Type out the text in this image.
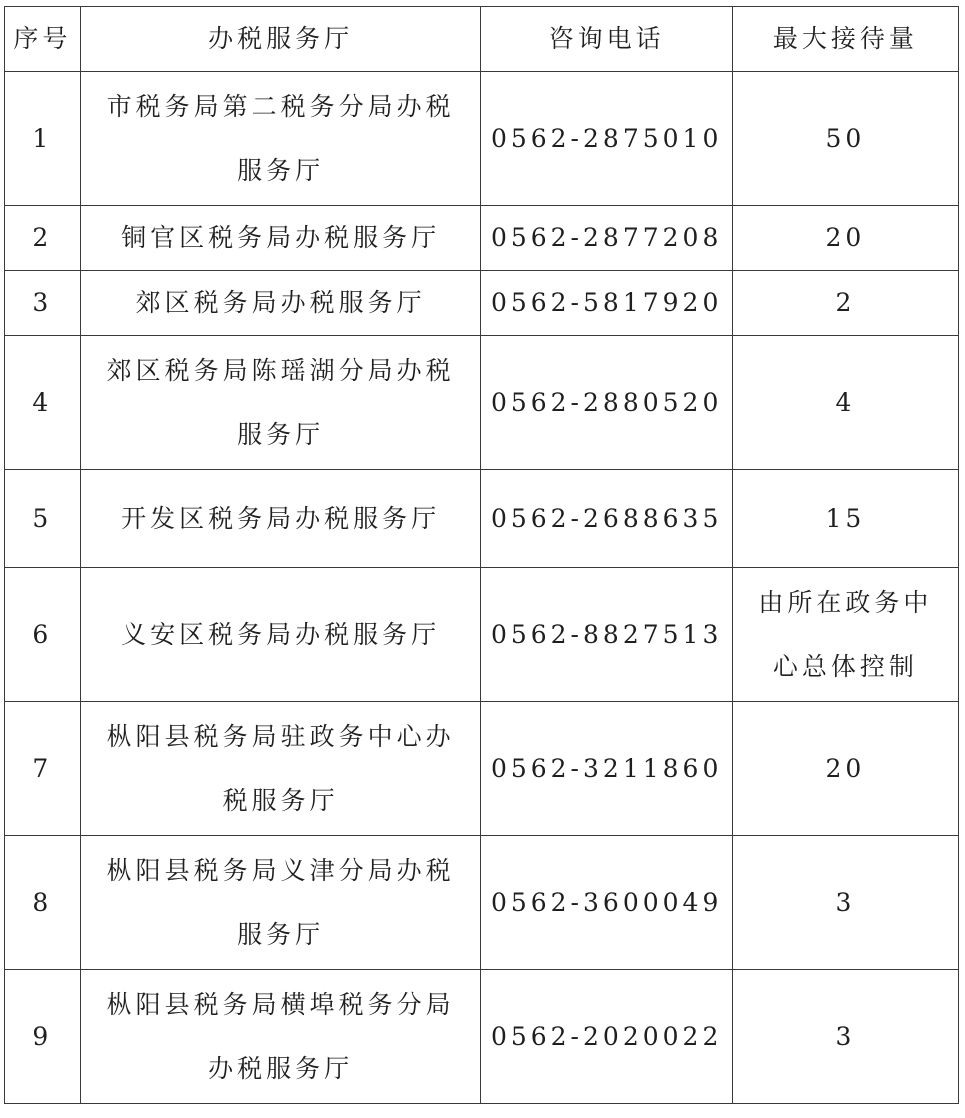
序号	办税服务厅	咨询电话	最大接待量
1	市税务局第二税务分局办税服务厅	0562-2875010	50
2	铜官区税务局办税服务厅	0562-2877208	20
3	郊区税务局办税服务厅	0562-5817920	2
4	郊区税务局陈瑶湖分局办税服务厅	0562-2880520	4
5	开发区税务局办税服务厅	0562-2688635	15
6	义安区税务局办税服务厅	0562-8827513	由所在政务中心总体控制
7	枞阳县税务局驻政务中心办税服务厅	0562-3211860	20
8	枞阳县税务局义津分局办税服务厅	0562-3600049	3
9	枞阳县税务局横埠税务分局办税服务厅	0562-2020022	3
